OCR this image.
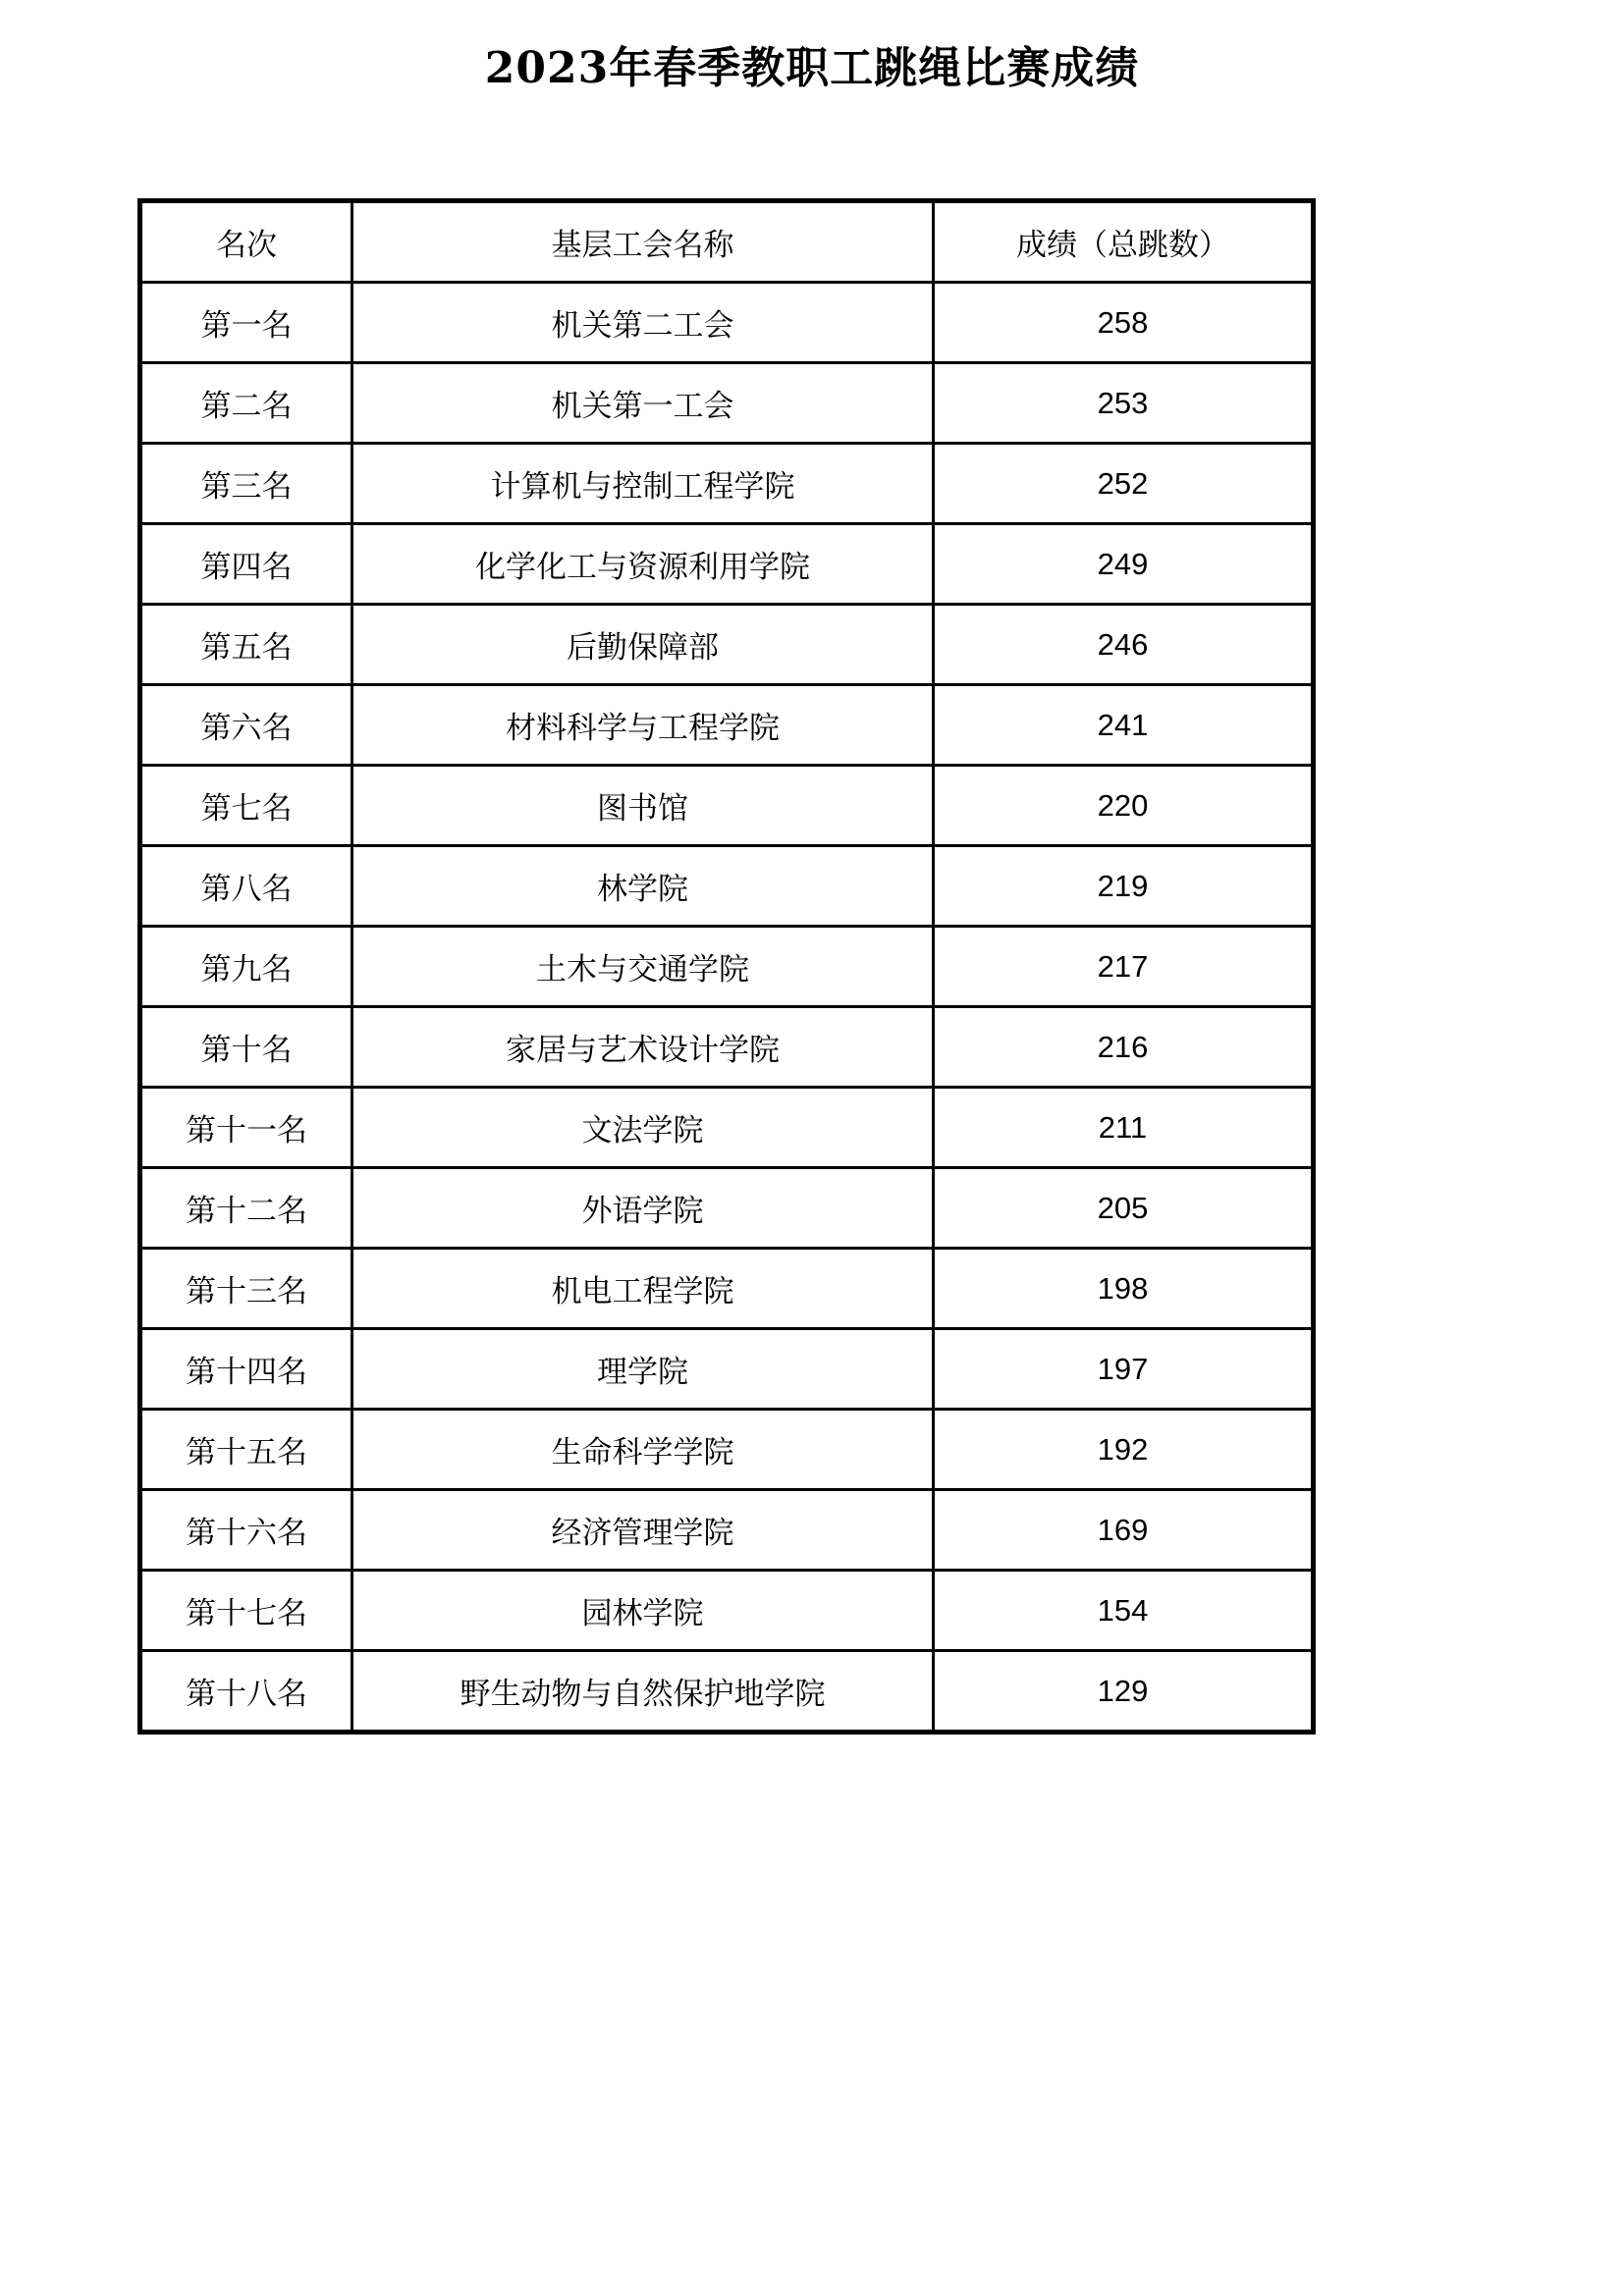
2023年春季教职工跳绳比赛成绩
名次	基层工会名称	成绩（总跳数）
第一名	机关第二工会	258
第二名	机关第一工会	253
第三名	计算机与控制工程学院	252
第四名	化学化工与资源利用学院	249
第五名	后勤保障部	246
第六名	材料科学与工程学院	241
第七名	图书馆	220
第八名	林学院	219
第九名	土木与交通学院	217
第十名	家居与艺术设计学院	216
第十一名	文法学院	211
第十二名	外语学院	205
第十三名	机电工程学院	198
第十四名	理学院	197
第十五名	生命科学学院	192
第十六名	经济管理学院	169
第十七名	园林学院	154
第十八名	野生动物与自然保护地学院	129
